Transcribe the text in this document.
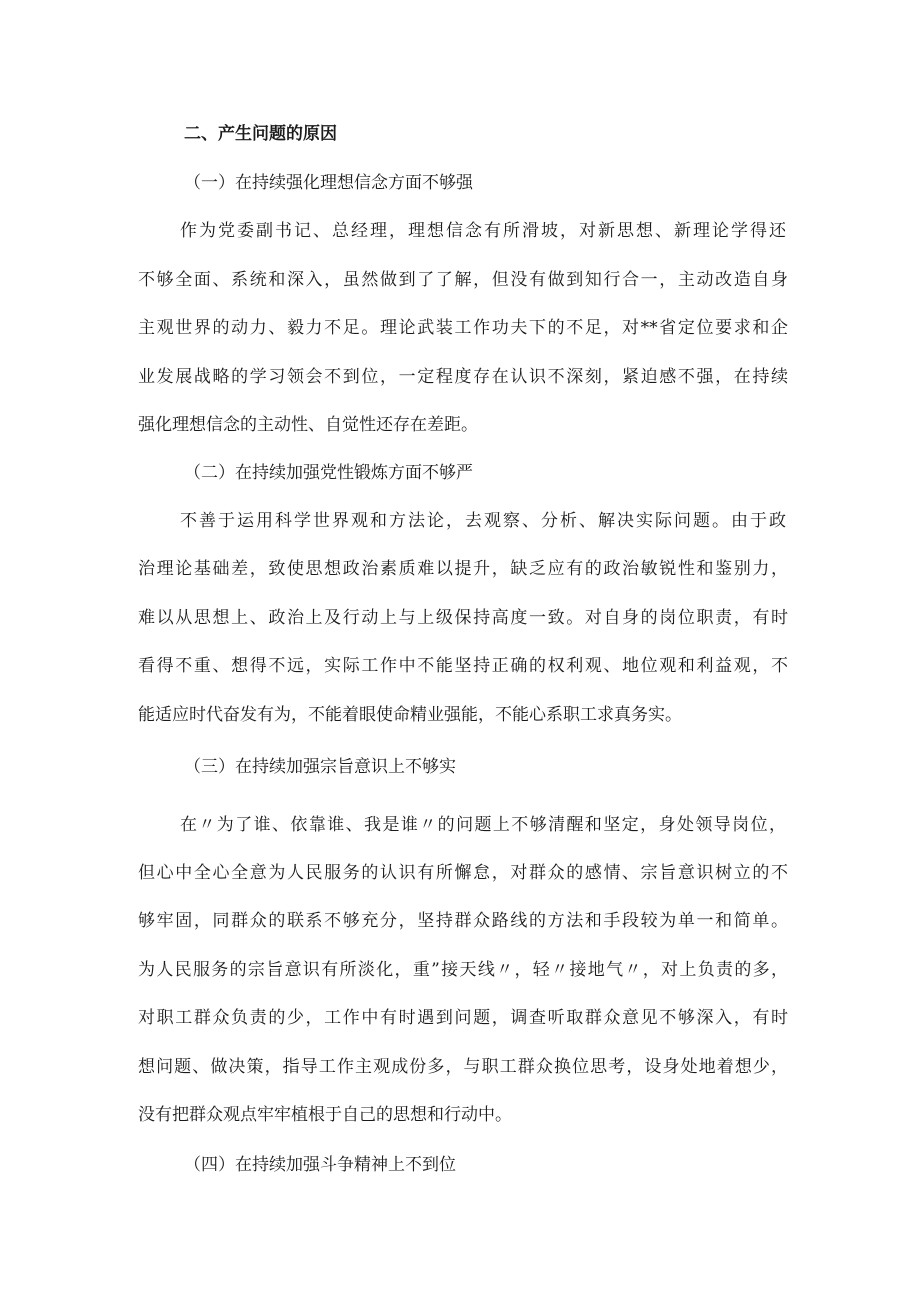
二、产生问题的原因
（一）在持续强化理想信念方面不够强
作为党委副书记、总经理，理想信念有所滑坡，对新思想、新理论学得还
不够全面、系统和深入，虽然做到了了解，但没有做到知行合一，主动改造自身
主观世界的动力、毅力不足。理论武装工作功夫下的不足，对**省定位要求和企
业发展战略的学习领会不到位，一定程度存在认识不深刻，紧迫感不强，在持续
强化理想信念的主动性、自觉性还存在差距。
（二）在持续加强党性锻炼方面不够严
不善于运用科学世界观和方法论，去观察、分析、解决实际问题。由于政
治理论基础差，致使思想政治素质难以提升，缺乏应有的政治敏锐性和鉴别力，
难以从思想上、政治上及行动上与上级保持高度一致。对自身的岗位职责，有时
看得不重、想得不远，实际工作中不能坚持正确的权利观、地位观和利益观，不
能适应时代奋发有为，不能着眼使命精业强能，不能心系职工求真务实。
（三）在持续加强宗旨意识上不够实
在〃为了谁、依靠谁、我是谁〃的问题上不够清醒和坚定，身处领导岗位，
但心中全心全意为人民服务的认识有所懈怠，对群众的感情、宗旨意识树立的不
够牢固，同群众的联系不够充分，坚持群众路线的方法和手段较为单一和简单。
为人民服务的宗旨意识有所淡化，重”接天线〃，轻〃接地气〃，对上负责的多，
对职工群众负责的少，工作中有时遇到问题，调查听取群众意见不够深入，有时
想问题、做决策，指导工作主观成份多，与职工群众换位思考，设身处地着想少，
没有把群众观点牢牢植根于自己的思想和行动中。
（四）在持续加强斗争精神上不到位
